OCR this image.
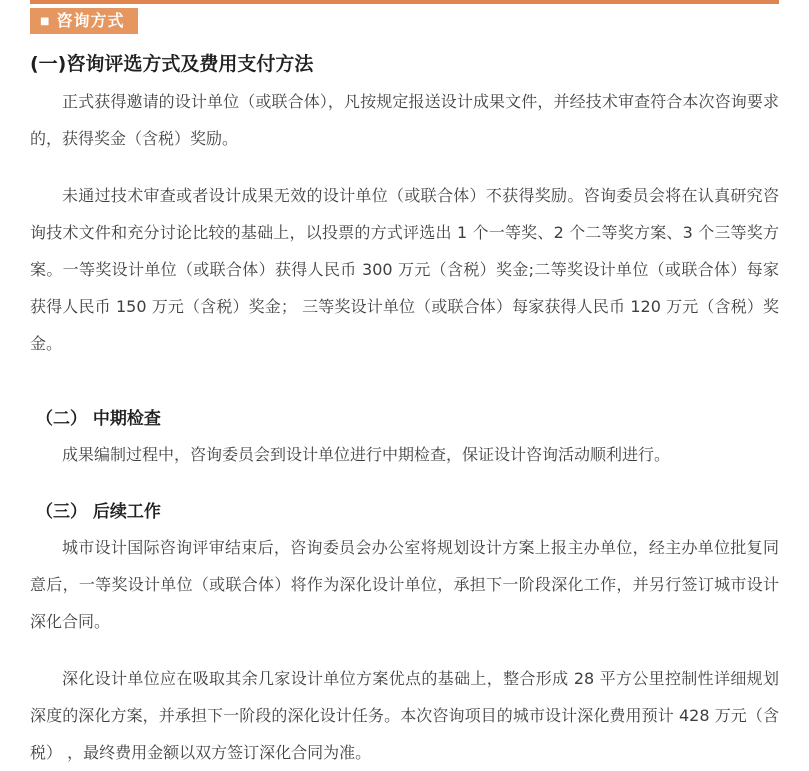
■ 咨询方式
(一)咨询评选方式及费用支付方法

正式获得邀请的设计单位（或联合体），凡按规定报送设计成果文件，并经技术审查符合本次咨询要求的，获得奖金（含税）奖励。

未通过技术审查或者设计成果无效的设计单位（或联合体）不获得奖励。咨询委员会将在认真研究咨询技术文件和充分讨论比较的基础上，以投票的方式评选出 1 个一等奖、2 个二等奖方案、3 个三等奖方案。一等奖设计单位（或联合体）获得人民币 300 万元（含税）奖金;二等奖设计单位（或联合体）每家获得人民币 150 万元（含税）奖金； 三等奖设计单位（或联合体）每家获得人民币 120 万元（含税）奖金。

（二） 中期检查

成果编制过程中，咨询委员会到设计单位进行中期检查，保证设计咨询活动顺利进行。

（三） 后续工作

城市设计国际咨询评审结束后，咨询委员会办公室将规划设计方案上报主办单位，经主办单位批复同意后，一等奖设计单位（或联合体）将作为深化设计单位，承担下一阶段深化工作，并另行签订城市设计深化合同。

深化设计单位应在吸取其余几家设计单位方案优点的基础上，整合形成 28 平方公里控制性详细规划深度的深化方案，并承担下一阶段的深化设计任务。本次咨询项目的城市设计深化费用预计 428 万元（含税） ，最终费用金额以双方签订深化合同为准。
